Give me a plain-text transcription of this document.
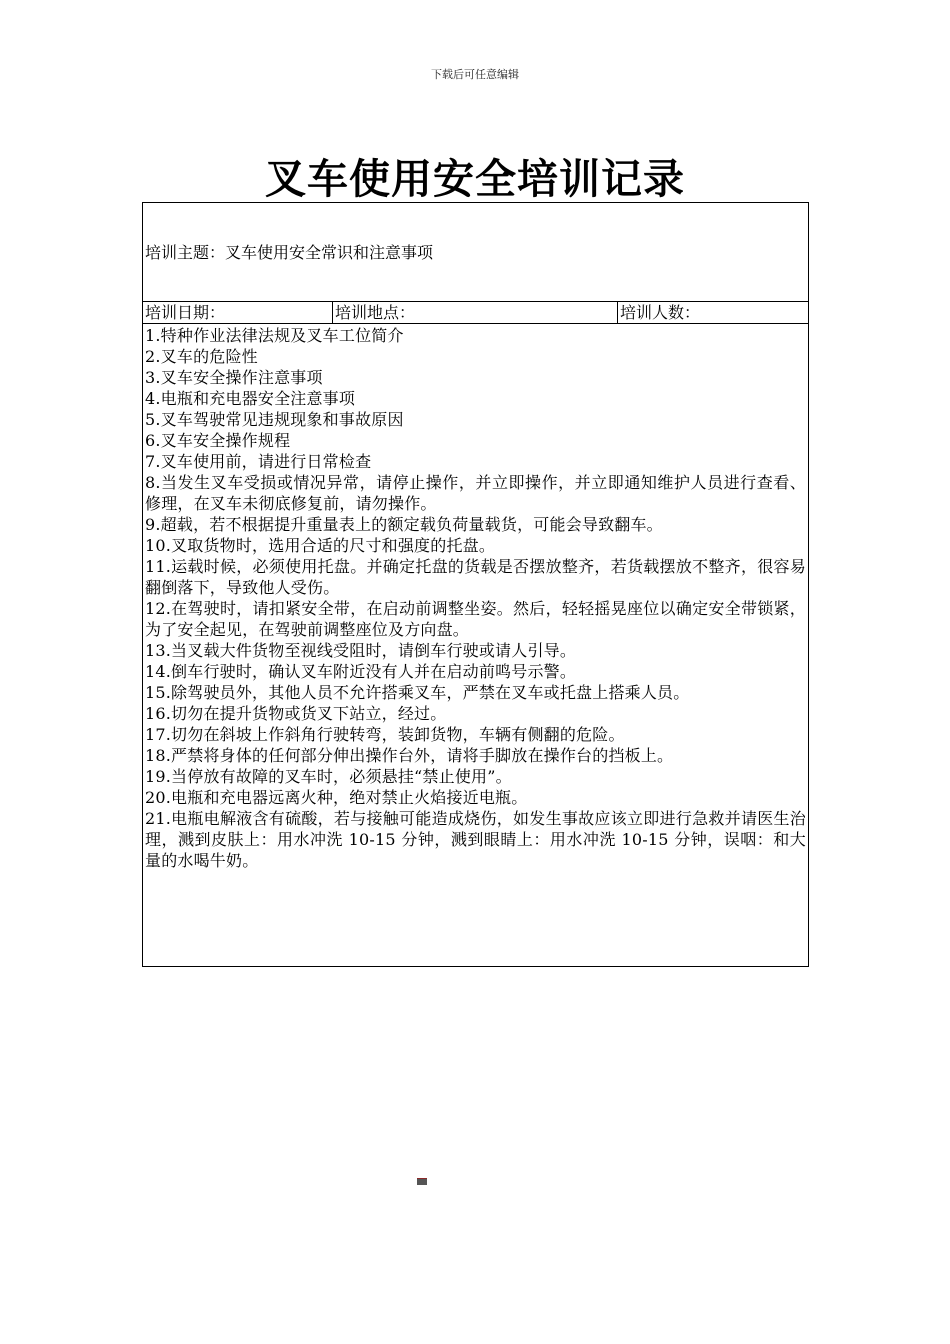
下载后可任意编辑
叉车使用安全培训记录
培训主题：叉车使用安全常识和注意事项
培训日期：	培训地点：	培训人数：

1.特种作业法律法规及叉车工位简介
2.叉车的危险性
3.叉车安全操作注意事项
4.电瓶和充电器安全注意事项
5.叉车驾驶常见违规现象和事故原因
6.叉车安全操作规程
7.叉车使用前，请进行日常检查
8.当发生叉车受损或情况异常，请停止操作，并立即操作，并立即通知维护人员进行查看、修理，在叉车未彻底修复前，请勿操作。
9.超载，若不根据提升重量表上的额定载负荷量载货，可能会导致翻车。
10.叉取货物时，选用合适的尺寸和强度的托盘。
11.运载时候，必须使用托盘。并确定托盘的货载是否摆放整齐，若货载摆放不整齐，很容易翻倒落下，导致他人受伤。
12.在驾驶时，请扣紧安全带，在启动前调整坐姿。然后，轻轻摇晃座位以确定安全带锁紧，为了安全起见，在驾驶前调整座位及方向盘。
13.当叉载大件货物至视线受阻时，请倒车行驶或请人引导。
14.倒车行驶时，确认叉车附近没有人并在启动前鸣号示警。
15.除驾驶员外，其他人员不允许搭乘叉车，严禁在叉车或托盘上搭乘人员。
16.切勿在提升货物或货叉下站立，经过。
17.切勿在斜坡上作斜角行驶转弯，装卸货物，车辆有侧翻的危险。
18.严禁将身体的任何部分伸出操作台外，请将手脚放在操作台的挡板上。
19.当停放有故障的叉车时，必须悬挂“禁止使用”。
20.电瓶和充电器远离火种，绝对禁止火焰接近电瓶。
21.电瓶电解液含有硫酸，若与接触可能造成烧伤，如发生事故应该立即进行急救并请医生治理，溅到皮肤上：用水冲洗 10-15 分钟，溅到眼睛上：用水冲洗 10-15 分钟，误咽：和大量的水喝牛奶。
